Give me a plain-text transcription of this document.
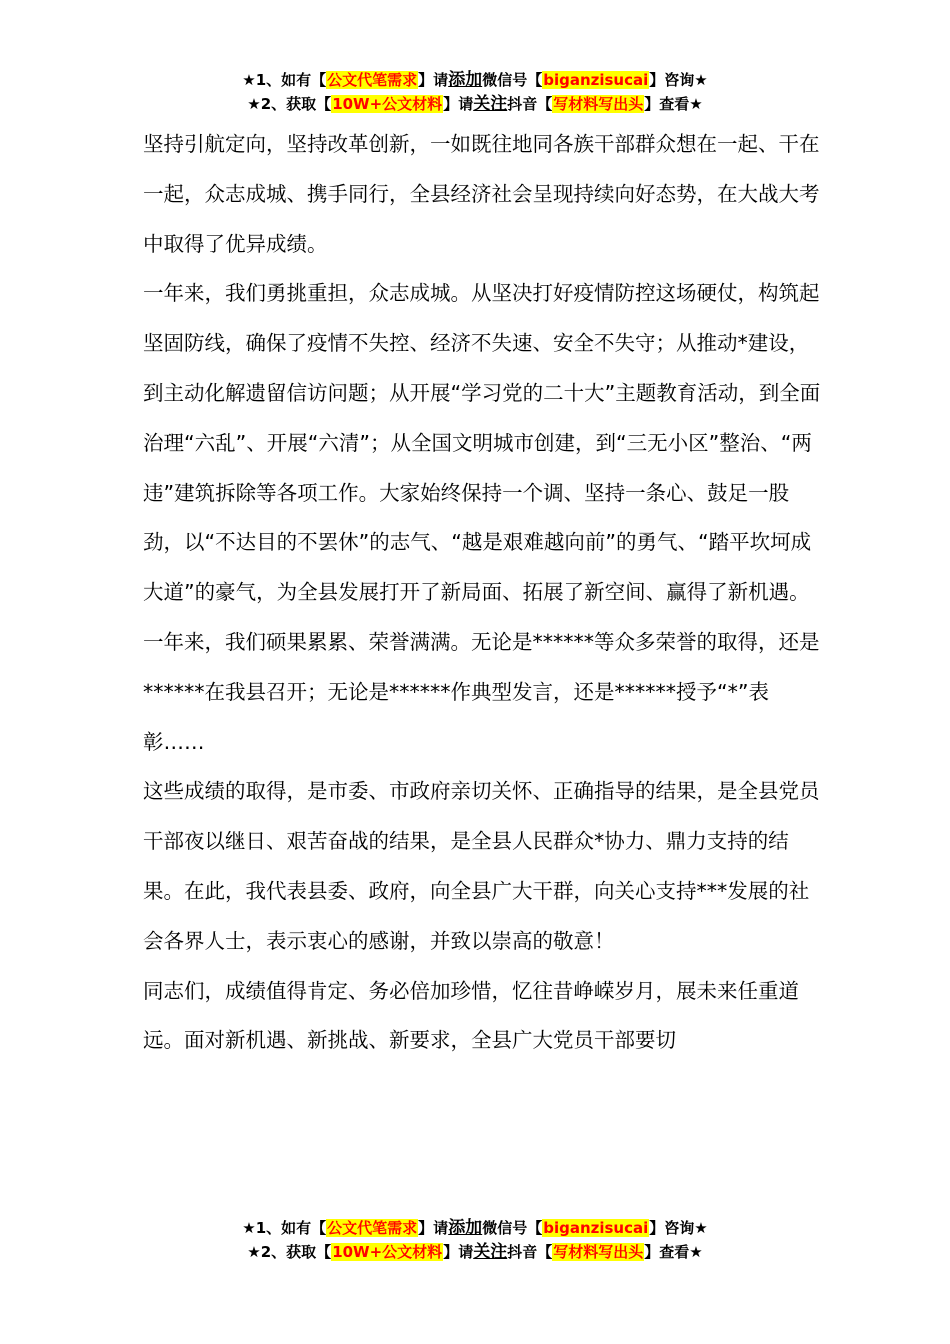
★1、如有【公文代笔需求】请添加微信号【biganzisucai】咨询★
★2、获取【10W+公文材料】请关注抖音【写材料写出头】查看★

坚持引航定向，坚持改革创新，一如既往地同各族干部群众想在一起、干在一起，众志成城、携手同行，全县经济社会呈现持续向好态势，在大战大考中取得了优异成绩。

一年来，我们勇挑重担，众志成城。从坚决打好疫情防控这场硬仗，构筑起坚固防线，确保了疫情不失控、经济不失速、安全不失守；从推动*建设，到主动化解遗留信访问题；从开展“学习党的二十大”主题教育活动，到全面治理“六乱”、开展“六清”；从全国文明城市创建，到“三无小区”整治、“两违”建筑拆除等各项工作。大家始终保持一个调、坚持一条心、鼓足一股劲，以“不达目的不罢休”的志气、“越是艰难越向前”的勇气、“踏平坎坷成大道”的豪气，为全县发展打开了新局面、拓展了新空间、赢得了新机遇。

一年来，我们硕果累累、荣誉满满。无论是******等众多荣誉的取得，还是******在我县召开；无论是******作典型发言，还是******授予“*”表彰……

这些成绩的取得，是市委、市政府亲切关怀、正确指导的结果，是全县党员干部夜以继日、艰苦奋战的结果，是全县人民群众*协力、鼎力支持的结果。在此，我代表县委、政府，向全县广大干群，向关心支持***发展的社会各界人士，表示衷心的感谢，并致以崇高的敬意！

同志们，成绩值得肯定、务必倍加珍惜，忆往昔峥嵘岁月，展未来任重道远。面对新机遇、新挑战、新要求，全县广大党员干部要切

★1、如有【公文代笔需求】请添加微信号【biganzisucai】咨询★
★2、获取【10W+公文材料】请关注抖音【写材料写出头】查看★
